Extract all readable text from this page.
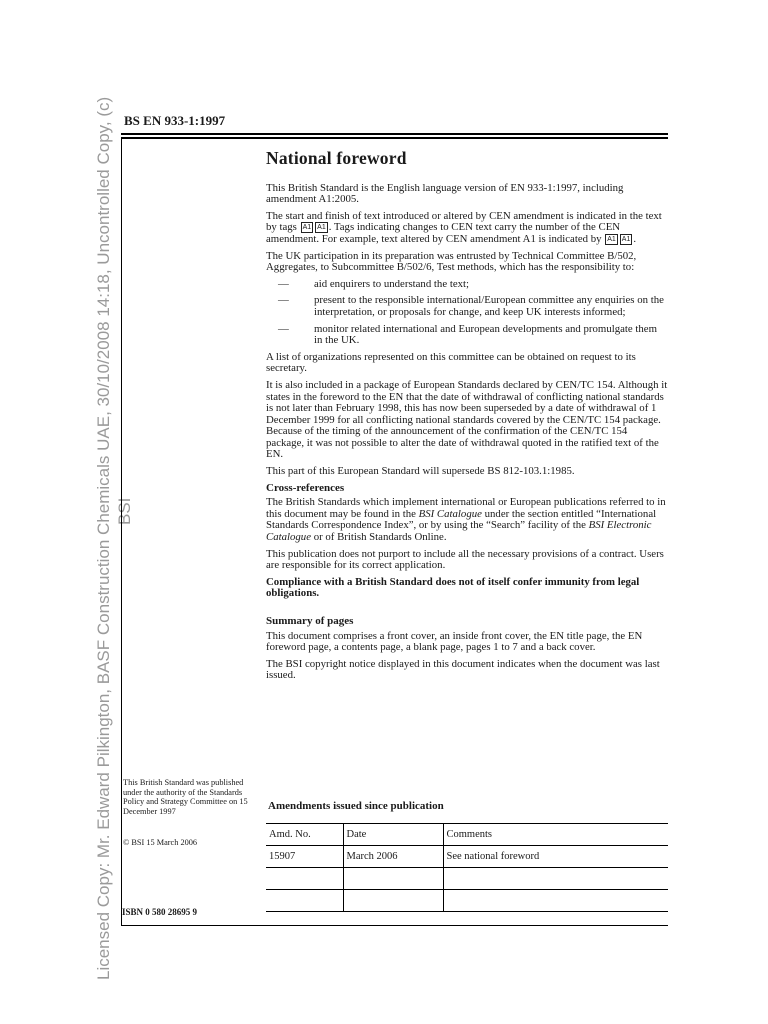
Licensed Copy: Mr. Edward Pilkington, BASF Construction Chemicals UAE, 30/10/2008 14:18, Uncontrolled Copy, (c) BSI
BS EN 933-1:1997
National foreword

This British Standard is the English language version of EN 933-1:1997, including amendment A1:2005.

The start and finish of text introduced or altered by CEN amendment is indicated in the text by tags A1 A1 . Tags indicating changes to CEN text carry the number of the CEN amendment. For example, text altered by CEN amendment A1 is indicated by A1 A1 .

The UK participation in its preparation was entrusted by Technical Committee B/502, Aggregates, to Subcommittee B/502/6, Test methods, which has the responsibility to:

— aid enquirers to understand the text;
— present to the responsible international/European committee any enquiries on the interpretation, or proposals for change, and keep UK interests informed;
— monitor related international and European developments and promulgate them in the UK.

A list of organizations represented on this committee can be obtained on request to its secretary.

It is also included in a package of European Standards declared by CEN/TC 154. Although it states in the foreword to the EN that the date of withdrawal of conflicting national standards is not later than February 1998, this has now been superseded by a date of withdrawal of 1 December 1999 for all conflicting national standards covered by the CEN/TC 154 package. Because of the timing of the announcement of the confirmation of the CEN/TC 154 package, it was not possible to alter the date of withdrawal quoted in the ratified text of the EN.

This part of this European Standard will supersede BS 812-103.1:1985.

Cross-references

The British Standards which implement international or European publications referred to in this document may be found in the BSI Catalogue under the section entitled “International Standards Correspondence Index”, or by using the “Search” facility of the BSI Electronic Catalogue or of British Standards Online.

This publication does not purport to include all the necessary provisions of a contract. Users are responsible for its correct application.

Compliance with a British Standard does not of itself confer immunity from legal obligations.

Summary of pages

This document comprises a front cover, an inside front cover, the EN title page, the EN foreword page, a contents page, a blank page, pages 1 to 7 and a back cover.

The BSI copyright notice displayed in this document indicates when the document was last issued.

This British Standard was published under the authority of the Standards Policy and Strategy Committee on 15 December 1997
© BSI 15 March 2006
ISBN 0 580 28695 9
Amendments issued since publication
Amd. No.	Date	Comments
15907	March 2006	See national foreword
